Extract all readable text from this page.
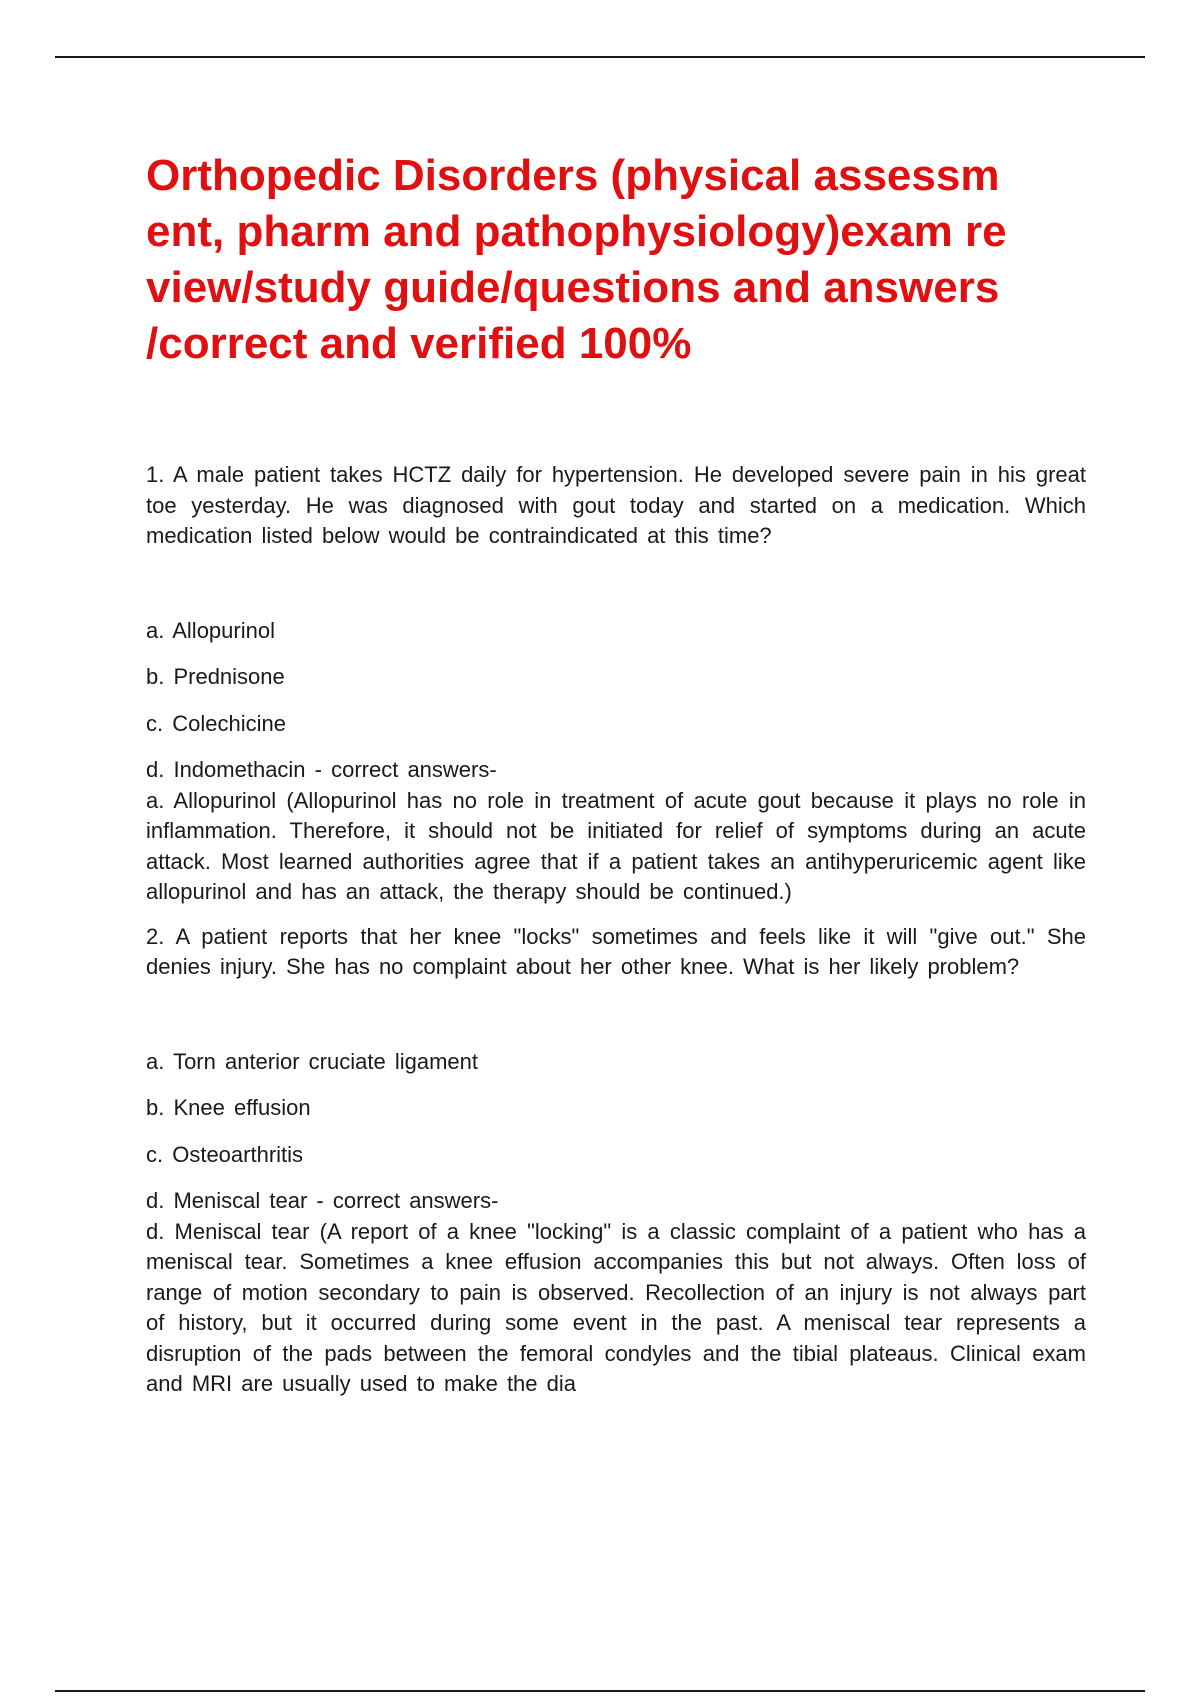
Orthopedic Disorders (physical assessm
ent, pharm and pathophysiology)exam re
view/study guide/questions and answers
/correct and verified 100%

1. A male patient takes HCTZ daily for hypertension. He developed severe pain in his great toe yesterday. He was diagnosed with gout today and started on a medication. Which medication listed below would be contraindicated at this time?

a. Allopurinol

b. Prednisone

c. Colechicine

d. Indomethacin - correct answers-

a. Allopurinol (Allopurinol has no role in treatment of acute gout because it plays no role in inflammation. Therefore, it should not be initiated for relief of symptoms during an acute attack. Most learned authorities agree that if a patient takes an antihyperuricemic agent like allopurinol and has an attack, the therapy should be continued.)

2. A patient reports that her knee "locks" sometimes and feels like it will "give out." She denies injury. She has no complaint about her other knee. What is her likely problem?

a. Torn anterior cruciate ligament

b. Knee effusion

c. Osteoarthritis

d. Meniscal tear - correct answers-

d. Meniscal tear (A report of a knee "locking" is a classic complaint of a patient who has a meniscal tear. Sometimes a knee effusion accompanies this but not always. Often loss of range of motion secondary to pain is observed. Recollection of an injury is not always part of history, but it occurred during some event in the past. A meniscal tear represents a disruption of the pads between the femoral condyles and the tibial plateaus. Clinical exam and MRI are usually used to make the dia
